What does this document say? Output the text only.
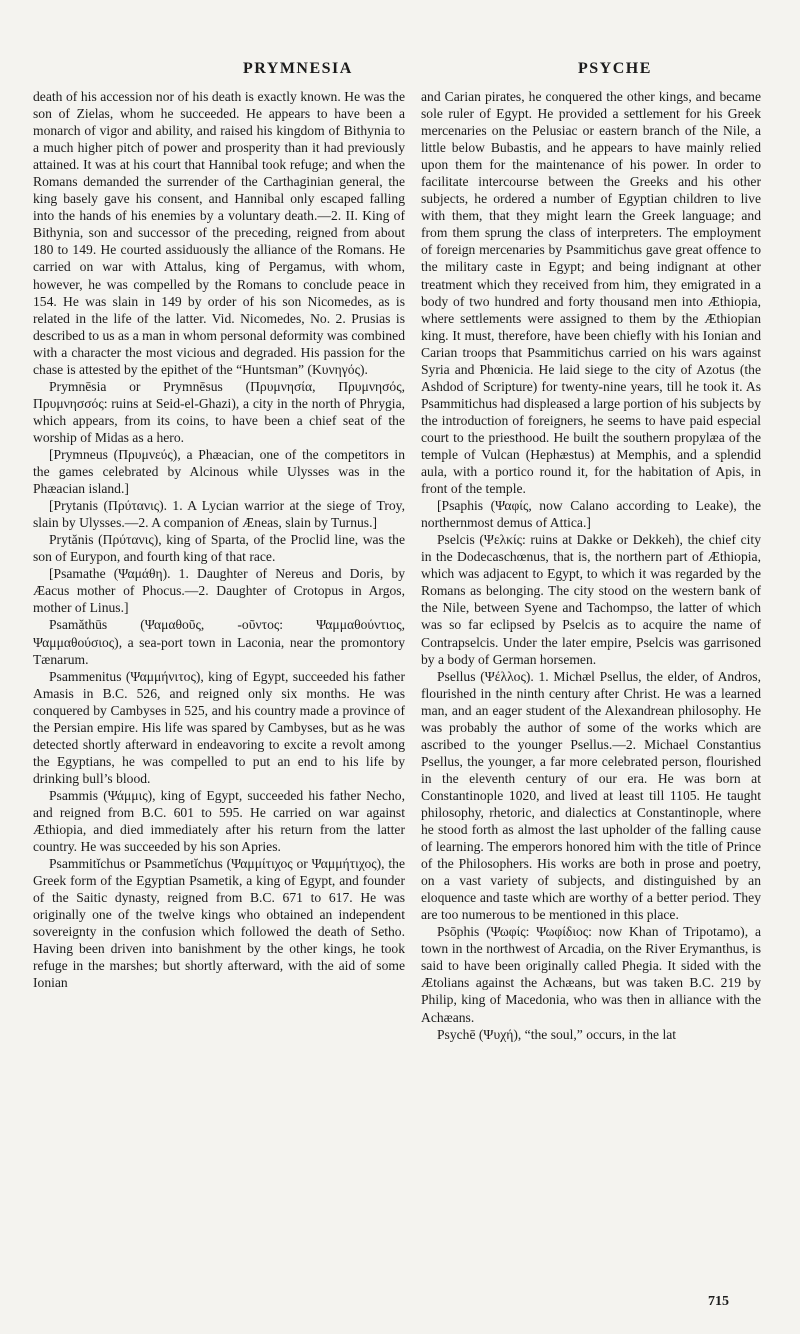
PRYMNESIA	PSYCHE

death of his accession nor of his death is exactly known. He was the son of Zielas, whom he succeeded. He appears to have been a monarch of vigor and ability, and raised his kingdom of Bithynia to a much higher pitch of power and prosperity than it had previously attained. It was at his court that Hannibal took refuge; and when the Romans demanded the surrender of the Carthaginian general, the king basely gave his consent, and Hannibal only escaped falling into the hands of his enemies by a voluntary death.—2. II. King of Bithynia, son and successor of the preceding, reigned from about 180 to 149. He courted assiduously the alliance of the Romans. He carried on war with Attalus, king of Pergamus, with whom, however, he was compelled by the Romans to conclude peace in 154. He was slain in 149 by order of his son Nicomedes, as is related in the life of the latter. Vid. Nicomedes, No. 2. Prusias is described to us as a man in whom personal deformity was combined with a character the most vicious and degraded. His passion for the chase is attested by the epithet of the “Huntsman” (Κυνηγός).

Prymnēsia or Prymnēsus (Πρυμνησία, Πρυμνησός, Πρυμνησσός: ruins at Seid-el-Ghazi), a city in the north of Phrygia, which appears, from its coins, to have been a chief seat of the worship of Midas as a hero.

[Prymneus (Πρυμνεύς), a Phæacian, one of the competitors in the games celebrated by Alcinous while Ulysses was in the Phæacian island.]

[Prytanis (Πρύτανις). 1. A Lycian warrior at the siege of Troy, slain by Ulysses.—2. A companion of Æneas, slain by Turnus.]

Prytănis (Πρύτανις), king of Sparta, of the Proclid line, was the son of Eurypon, and fourth king of that race.

[Psamathe (Ψαμάθη). 1. Daughter of Nereus and Doris, by Æacus mother of Phocus.—2. Daughter of Crotopus in Argos, mother of Linus.]

Psamăthūs (Ψαμαθοῦς, -οῦντος: Ψαμμαθούντιος, Ψαμμαθούσιος), a sea-port town in Laconia, near the promontory Tænarum.

Psammenitus (Ψαμμήνιτος), king of Egypt, succeeded his father Amasis in B.C. 526, and reigned only six months. He was conquered by Cambyses in 525, and his country made a province of the Persian empire. His life was spared by Cambyses, but as he was detected shortly afterward in endeavoring to excite a revolt among the Egyptians, he was compelled to put an end to his life by drinking bull’s blood.

Psammis (Ψάμμις), king of Egypt, succeeded his father Necho, and reigned from B.C. 601 to 595. He carried on war against Æthiopia, and died immediately after his return from the latter country. He was succeeded by his son Apries.

Psammitĭchus or Psammetĭchus (Ψαμμίτιχος or Ψαμμήτιχος), the Greek form of the Egyptian Psametik, a king of Egypt, and founder of the Saitic dynasty, reigned from B.C. 671 to 617. He was originally one of the twelve kings who obtained an independent sovereignty in the confusion which followed the death of Setho. Having been driven into banishment by the other kings, he took refuge in the marshes; but shortly afterward, with the aid of some Ionian

and Carian pirates, he conquered the other kings, and became sole ruler of Egypt. He provided a settlement for his Greek mercenaries on the Pelusiac or eastern branch of the Nile, a little below Bubastis, and he appears to have mainly relied upon them for the maintenance of his power. In order to facilitate intercourse between the Greeks and his other subjects, he ordered a number of Egyptian children to live with them, that they might learn the Greek language; and from them sprung the class of interpreters. The employment of foreign mercenaries by Psammitichus gave great offence to the military caste in Egypt; and being indignant at other treatment which they received from him, they emigrated in a body of two hundred and forty thousand men into Æthiopia, where settlements were assigned to them by the Æthiopian king. It must, therefore, have been chiefly with his Ionian and Carian troops that Psammitichus carried on his wars against Syria and Phœnicia. He laid siege to the city of Azotus (the Ashdod of Scripture) for twenty-nine years, till he took it. As Psammitichus had displeased a large portion of his subjects by the introduction of foreigners, he seems to have paid especial court to the priesthood. He built the southern propylæa of the temple of Vulcan (Hephæstus) at Memphis, and a splendid aula, with a portico round it, for the habitation of Apis, in front of the temple.

[Psaphis (Ψαφίς, now Calano according to Leake), the northernmost demus of Attica.]

Pselcis (Ψελκίς: ruins at Dakke or Dekkeh), the chief city in the Dodecaschœnus, that is, the northern part of Æthiopia, which was adjacent to Egypt, to which it was regarded by the Romans as belonging. The city stood on the western bank of the Nile, between Syene and Tachompso, the latter of which was so far eclipsed by Pselcis as to acquire the name of Contrapselcis. Under the later empire, Pselcis was garrisoned by a body of German horsemen.

Psellus (Ψέλλος). 1. Michæl Psellus, the elder, of Andros, flourished in the ninth century after Christ. He was a learned man, and an eager student of the Alexandrean philosophy. He was probably the author of some of the works which are ascribed to the younger Psellus.—2. Michael Constantius Psellus, the younger, a far more celebrated person, flourished in the eleventh century of our era. He was born at Constantinople 1020, and lived at least till 1105. He taught philosophy, rhetoric, and dialectics at Constantinople, where he stood forth as almost the last upholder of the falling cause of learning. The emperors honored him with the title of Prince of the Philosophers. His works are both in prose and poetry, on a vast variety of subjects, and distinguished by an eloquence and taste which are worthy of a better period. They are too numerous to be mentioned in this place.

Psōphis (Ψωφίς: Ψωφίδιος: now Khan of Tripotamo), a town in the northwest of Arcadia, on the River Erymanthus, is said to have been originally called Phegia. It sided with the Ætolians against the Achæans, but was taken B.C. 219 by Philip, king of Macedonia, who was then in alliance with the Achæans.

Psychē (Ψυχή), “the soul,” occurs, in the lat

715
